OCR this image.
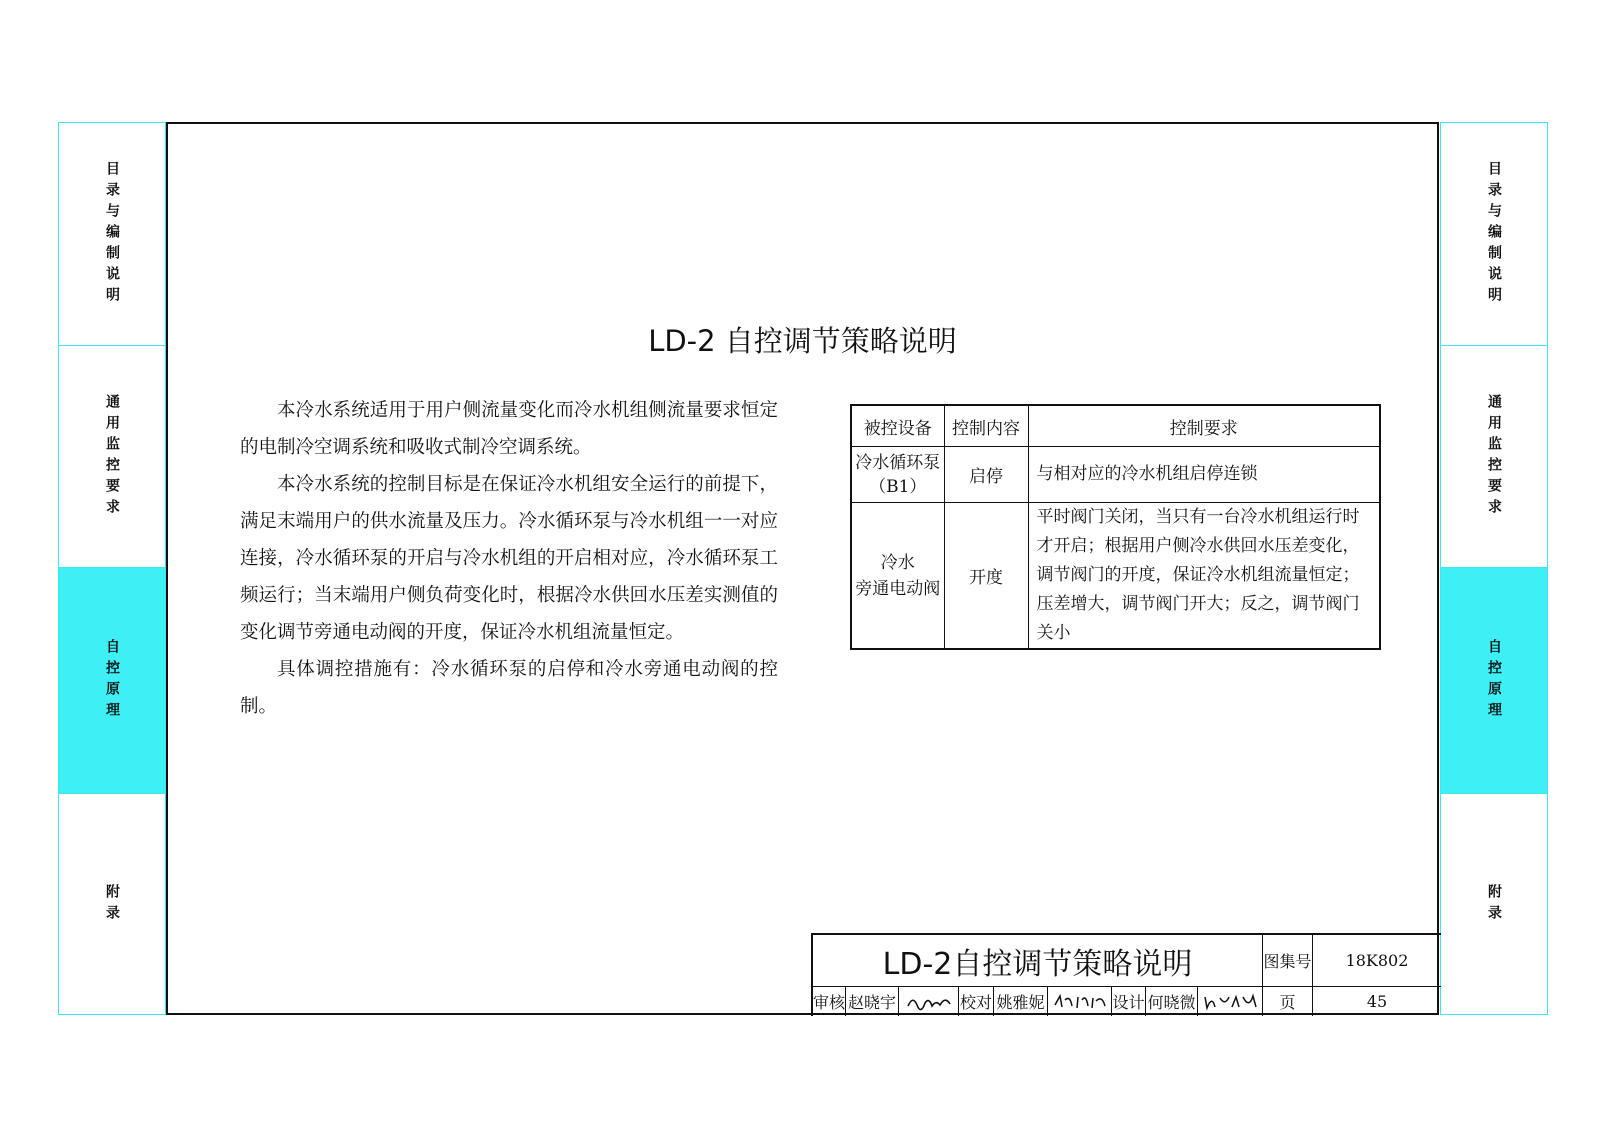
目录与编制说明
通用监控要求
自控原理
附录
目录与编制说明
通用监控要求
自控原理
附录
LD-2 自控调节策略说明

本冷水系统适用于用户侧流量变化而冷水机组侧流量要求恒定的电制冷空调系统和吸收式制冷空调系统。

本冷水系统的控制目标是在保证冷水机组安全运行的前提下，满足末端用户的供水流量及压力。冷水循环泵与冷水机组一一对应连接，冷水循环泵的开启与冷水机组的开启相对应，冷水循环泵工频运行；当末端用户侧负荷变化时，根据冷水供回水压差实测值的变化调节旁通电动阀的开度，保证冷水机组流量恒定。

具体调控措施有：冷水循环泵的启停和冷水旁通电动阀的控制。

被控设备	控制内容	控制要求

冷水循环泵
（B1）	启停	与相对应的冷水机组启停连锁

冷水
旁通电动阀	开度	平时阀门关闭，当只有一台冷水机组运行时才开启；根据用户侧冷水供回水压差变化，调节阀门的开度，保证冷水机组流量恒定；压差增大，调节阀门开大；反之，调节阀门关小
LD-2自控调节策略说明	图集号	18K802
审核 赵晓宇	校对 姚雅妮	设计 何晓微	页	45
